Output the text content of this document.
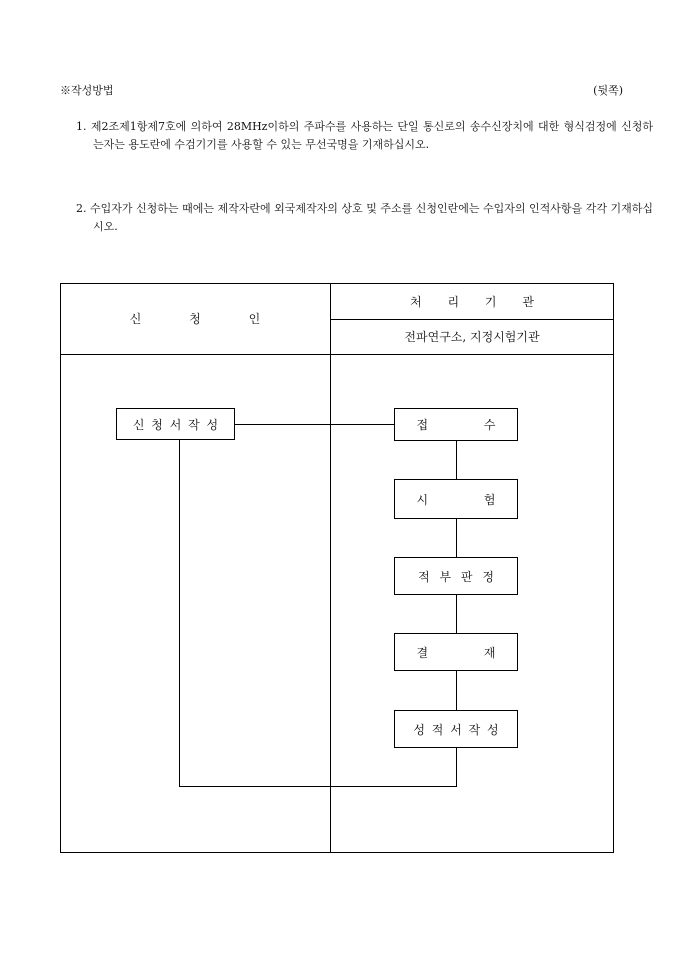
※작성방법	(뒷쪽)
1. 제2조제1항제7호에 의하여 28MHz이하의 주파수를 사용하는 단일 통신로의 송수신장치에 대한 형식검정에 신청하는자는 용도란에 수검기기를 사용할 수 있는 무선국명을 기재하십시오.
2. 수입자가 신청하는 때에는 제작자란에 외국제작자의 상호 및 주소를 신청인란에는 수입자의 인적사항을 각각 기재하십시오.
신 청 인
처 리 기 관
전파연구소, 지정시험기관
신 청 서 작 성	접 수
시 험
적 부 판 정
결 재
성 적 서 작 성
